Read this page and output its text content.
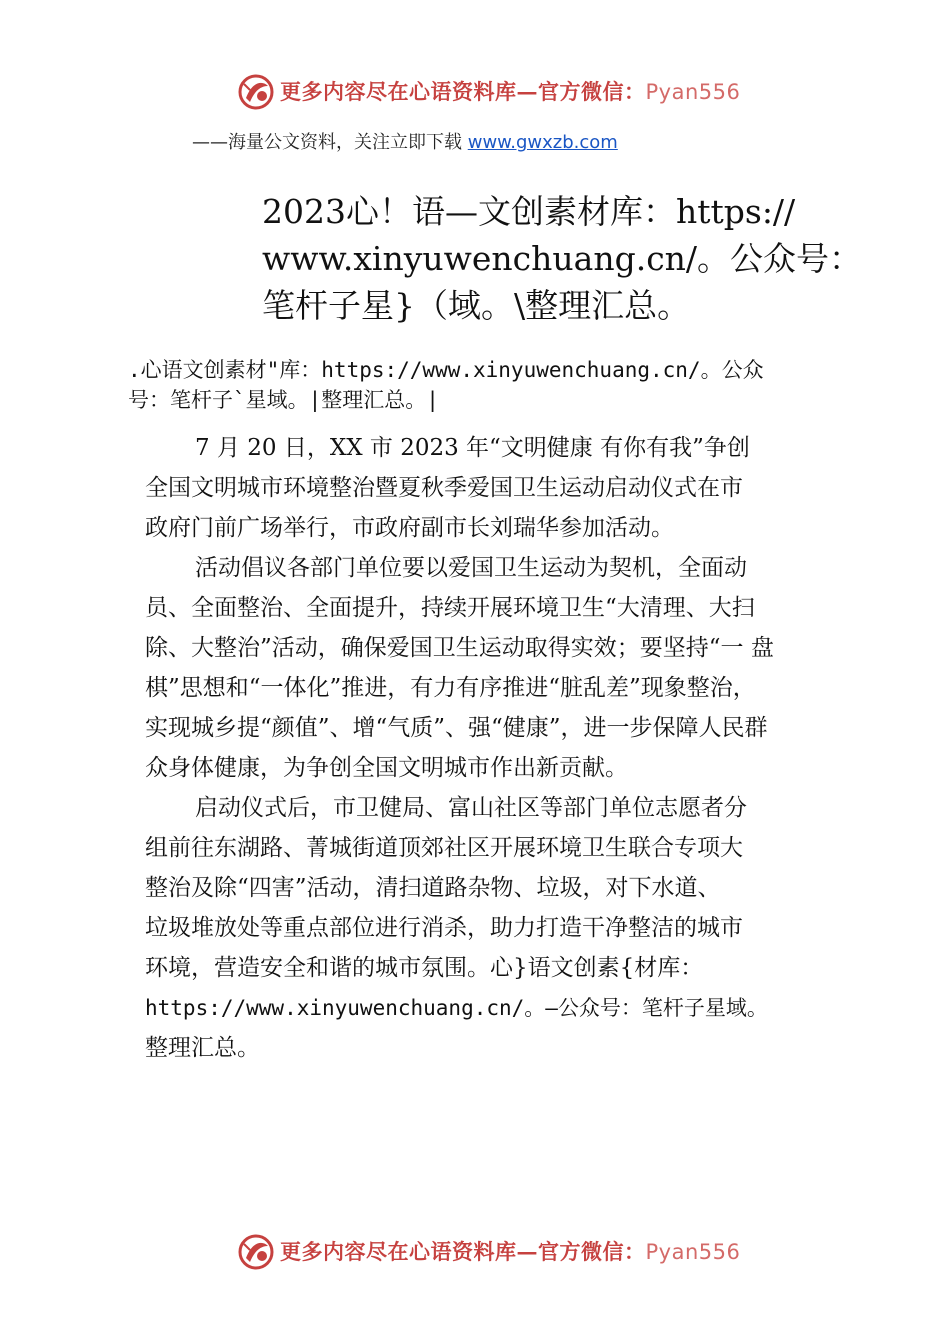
更多内容尽在心语资料库—官方微信：Pyan556
——海量公文资料，关注立即下载 www.gwxzb.com
2023心！语—文创素材库：https://
www.xinyuwenchuang.cn/。公众号：
笔杆子星}（域。\整理汇总。
.心语文创素材"库：https://www.xinyuwenchuang.cn/。公众
号：笔杆子`星域。|整理汇总。|
7 月 20 日，XX 市 2023 年“文明健康 有你有我”争创
全国文明城市环境整治暨夏秋季爱国卫生运动启动仪式在市
政府门前广场举行，市政府副市长刘瑞华参加活动。
活动倡议各部门单位要以爱国卫生运动为契机，全面动
员、全面整治、全面提升，持续开展环境卫生“大清理、大扫
除、大整治”活动，确保爱国卫生运动取得实效；要坚持“一 盘
棋”思想和“一体化”推进，有力有序推进“脏乱差”现象整治，
实现城乡提“颜值”、增“气质”、强“健康”，进一步保障人民群
众身体健康，为争创全国文明城市作出新贡献。
启动仪式后，市卫健局、富山社区等部门单位志愿者分
组前往东湖路、菁城街道顶郊社区开展环境卫生联合专项大
整治及除“四害”活动，清扫道路杂物、垃圾，对下水道、
垃圾堆放处等重点部位进行消杀，助力打造干净整洁的城市
环境，营造安全和谐的城市氛围。心}语文创素{材库：
https://www.xinyuwenchuang.cn/。—公众号：笔杆子星域。
整理汇总。
更多内容尽在心语资料库—官方微信：Pyan556
